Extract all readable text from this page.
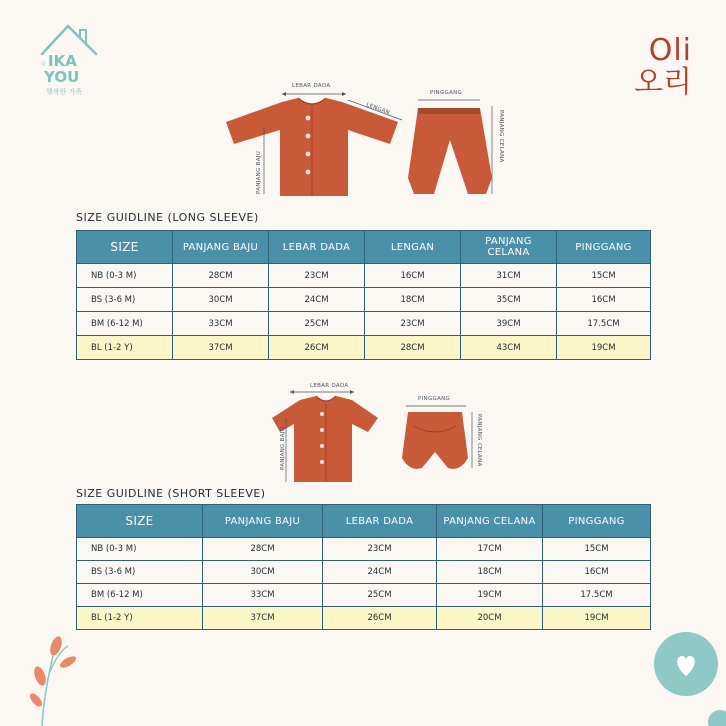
ㅇ IKA
YOU
행복한 가족
Oli
오리
LEBAR DADA
LENGAN
PANJANG BAJU
PINGGANG
PANJANG CELANA
SIZE GUIDLINE (LONG SLEEVE)
SIZE	PANJANG BAJU	LEBAR DADA	LENGAN	PANJANG CELANA	PINGGANG
NB (0-3 M)	28CM	23CM	16CM	31CM	15CM
BS (3-6 M)	30CM	24CM	18CM	35CM	16CM
BM (6-12 M)	33CM	25CM	23CM	39CM	17.5CM
BL (1-2 Y)	37CM	26CM	28CM	43CM	19CM
LEBAR DADA
PANJANG BAJU
PINGGANG
PANJANG CELANA
SIZE GUIDLINE (SHORT SLEEVE)
SIZE	PANJANG BAJU	LEBAR DADA	PANJANG CELANA	PINGGANG
NB (0-3 M)	28CM	23CM	17CM	15CM
BS (3-6 M)	30CM	24CM	18CM	16CM
BM (6-12 M)	33CM	25CM	19CM	17.5CM
BL (1-2 Y)	37CM	26CM	20CM	19CM
